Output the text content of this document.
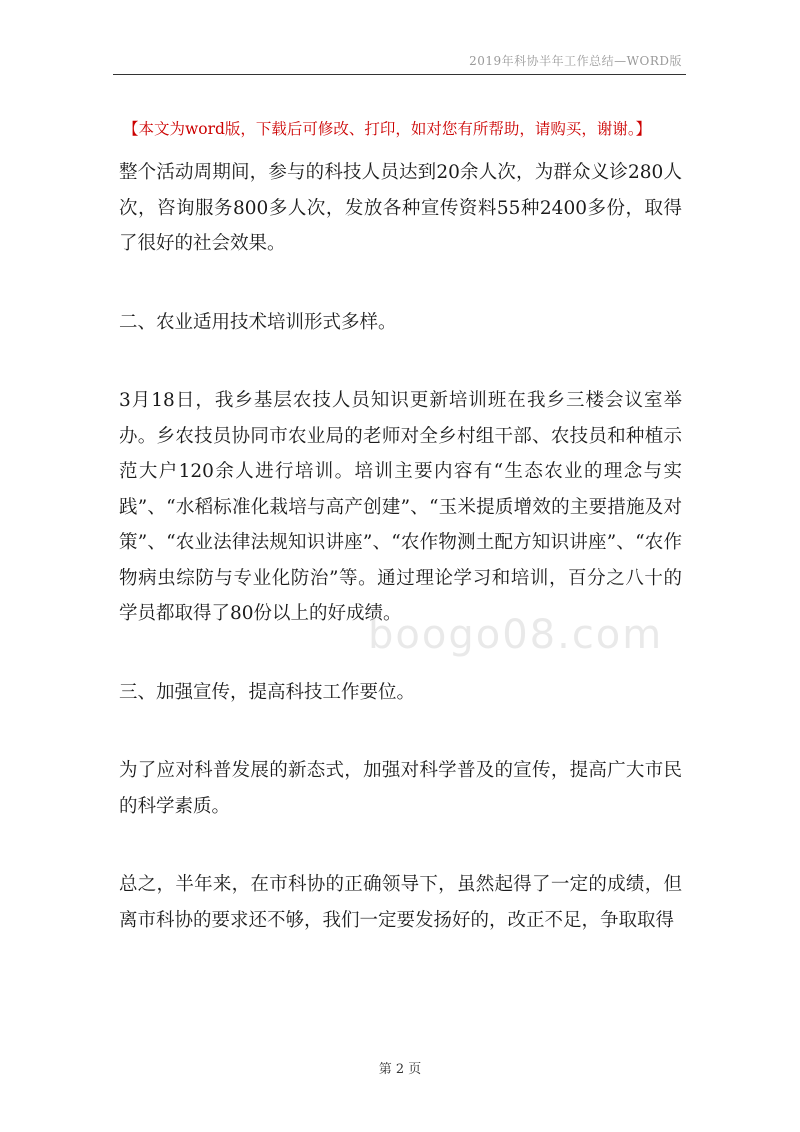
2019年科协半年工作总结—WORD版
【本文为word版，下载后可修改、打印，如对您有所帮助，请购买，谢谢。】

整个活动周期间，参与的科技人员达到20余人次，为群众义诊280人次，咨询服务800多人次，发放各种宣传资料55种2400多份，取得了很好的社会效果。

二、农业适用技术培训形式多样。

3月18日，我乡基层农技人员知识更新培训班在我乡三楼会议室举办。乡农技员协同市农业局的老师对全乡村组干部、农技员和种植示范大户120余人进行培训。培训主要内容有“生态农业的理念与实践”、“水稻标准化栽培与高产创建”、“玉米提质增效的主要措施及对策”、“农业法律法规知识讲座”、“农作物测土配方知识讲座”、“农作物病虫综防与专业化防治”等。通过理论学习和培训，百分之八十的学员都取得了80份以上的好成绩。

三、加强宣传，提高科技工作要位。

为了应对科普发展的新态式，加强对科学普及的宣传，提高广大市民的科学素质。

总之，半年来，在市科协的正确领导下，虽然起得了一定的成绩，但离市科协的要求还不够，我们一定要发扬好的，改正不足，争取取得

boogo08.com
第 2 页
